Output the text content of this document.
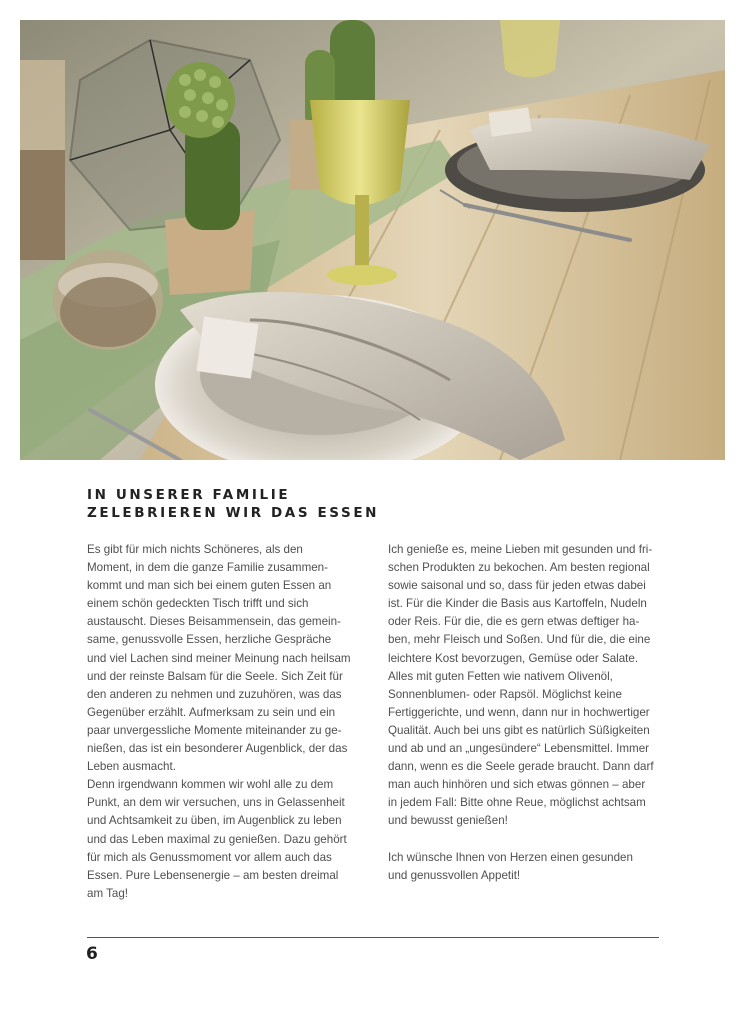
IN UNSERER FAMILIE
ZELEBRIEREN WIR DAS ESSEN

Es gibt für mich nichts Schöneres, als den

Moment, in dem die ganze Familie zusammen-

kommt und man sich bei einem guten Essen an

einem schön gedeckten Tisch trifft und sich

austauscht. Dieses Beisammensein, das gemein-

same, genussvolle Essen, herzliche Gespräche

und viel Lachen sind meiner Meinung nach heilsam

und der reinste Balsam für die Seele. Sich Zeit für

den anderen zu nehmen und zuzuhören, was das

Gegenüber erzählt. Aufmerksam zu sein und ein

paar unvergessliche Momente miteinander zu ge-

nießen, das ist ein besonderer Augenblick, der das

Leben ausmacht.

Denn irgendwann kommen wir wohl alle zu dem

Punkt, an dem wir versuchen, uns in Gelassenheit

und Achtsamkeit zu üben, im Augenblick zu leben

und das Leben maximal zu genießen. Dazu gehört

für mich als Genussmoment vor allem auch das

Essen. Pure Lebensenergie – am besten dreimal

am Tag!

Ich genieße es, meine Lieben mit gesunden und fri-

schen Produkten zu bekochen. Am besten regional

sowie saisonal und so, dass für jeden etwas dabei

ist. Für die Kinder die Basis aus Kartoffeln, Nudeln

oder Reis. Für die, die es gern etwas deftiger ha-

ben, mehr Fleisch und Soßen. Und für die, die eine

leichtere Kost bevorzugen, Gemüse oder Salate.

Alles mit guten Fetten wie nativem Olivenöl,

Sonnenblumen- oder Rapsöl. Möglichst keine

Fertiggerichte, und wenn, dann nur in hochwertiger

Qualität. Auch bei uns gibt es natürlich Süßigkeiten

und ab und an „ungesündere“ Lebensmittel. Immer

dann, wenn es die Seele gerade braucht. Dann darf

man auch hinhören und sich etwas gönnen – aber

in jedem Fall: Bitte ohne Reue, möglichst achtsam

und bewusst genießen!

Ich wünsche Ihnen von Herzen einen gesunden

und genussvollen Appetit!

6
